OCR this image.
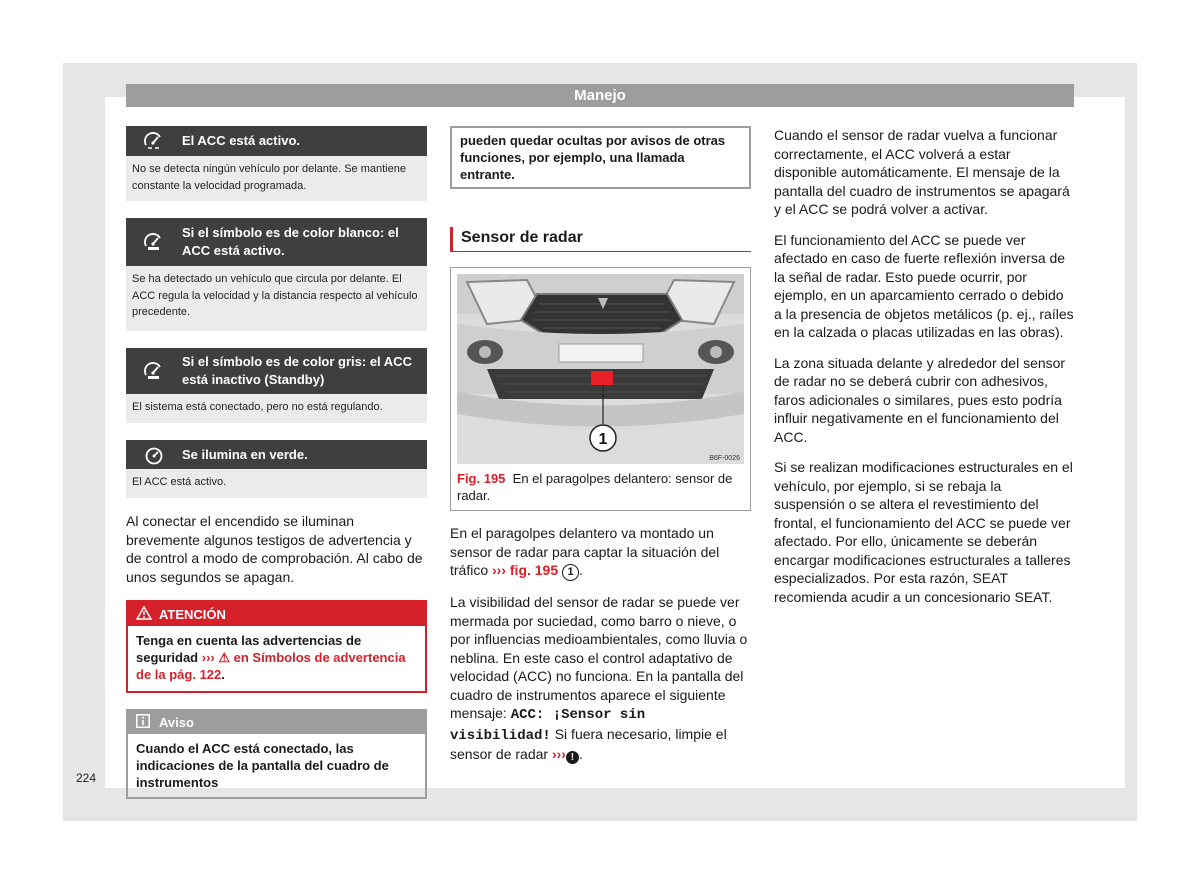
Manejo
224
El ACC está activo.
No se detecta ningún vehículo por delante. Se mantiene constante la velocidad programada.
Si el símbolo es de color blanco: el ACC está activo.
Se ha detectado un vehículo que circula por delante. El ACC regula la velocidad y la distancia respecto al vehículo precedente.
Si el símbolo es de color gris: el ACC está inactivo (Standby)
El sistema está conectado, pero no está regulando.
Se ilumina en verde.
El ACC está activo.

Al conectar el encendido se iluminan brevemente algunos testigos de advertencia y de control a modo de comprobación. Al cabo de unos segundos se apagan.

ATENCIÓN
Tenga en cuenta las advertencias de seguridad ››› ⚠ en Símbolos de advertencia de la pág. 122.
Aviso
Cuando el ACC está conectado, las indicaciones de la pantalla del cuadro de instrumentos
pueden quedar ocultas por avisos de otras funciones, por ejemplo, una llamada entrante.
Sensor de radar
1
B6F-0026
Fig. 195 En el paragolpes delantero: sensor de radar.

En el paragolpes delantero va montado un sensor de radar para captar la situación del tráfico ››› fig. 195 1 .

La visibilidad del sensor de radar se puede ver mermada por suciedad, como barro o nieve, o por influencias medioambientales, como lluvia o neblina. En este caso el control adaptativo de velocidad (ACC) no funciona. En la pantalla del cuadro de instrumentos aparece el siguiente mensaje: ACC: ¡Sensor sin visibilidad! Si fuera necesario, limpie el sensor de radar ››› ! .

Cuando el sensor de radar vuelva a funcionar correctamente, el ACC volverá a estar disponible automáticamente. El mensaje de la pantalla del cuadro de instrumentos se apagará y el ACC se podrá volver a activar.

El funcionamiento del ACC se puede ver afectado en caso de fuerte reflexión inversa de la señal de radar. Esto puede ocurrir, por ejemplo, en un aparcamiento cerrado o debido a la presencia de objetos metálicos (p. ej., raíles en la calzada o placas utilizadas en las obras).

La zona situada delante y alrededor del sensor de radar no se deberá cubrir con adhesivos, faros adicionales o similares, pues esto podría influir negativamente en el funcionamiento del ACC.

Si se realizan modificaciones estructurales en el vehículo, por ejemplo, si se rebaja la suspensión o se altera el revestimiento del frontal, el funcionamiento del ACC se puede ver afectado. Por ello, únicamente se deberán encargar modificaciones estructurales a talleres especializados. Por esta razón, SEAT recomienda acudir a un concesionario SEAT.
